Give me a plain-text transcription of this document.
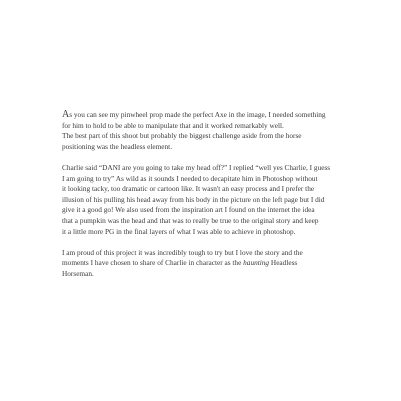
As you can see my pinwheel prop made the perfect Axe in the image, I needed something
for him to hold to be able to manipulate that and it worked remarkably well.
The best part of this shoot but probably the biggest challenge aside from the horse
positioning was the headless element.
Charlie said “DANI are you going to take my head off?” I replied “well yes Charlie, I guess
I am going to try” As wild as it sounds I needed to decapitate him in Photoshop without
it looking tacky, too dramatic or cartoon like. It wasn't an easy process and I prefer the
illusion of his pulling his head away from his body in the picture on the left page but I did
give it a good go! We also used from the inspiration art I found on the internet the idea
that a pumpkin was the head and that was to really be true to the original story and keep
it a little more PG in the final layers of what I was able to achieve in photoshop.
I am proud of this project it was incredibly tough to try but I love the story and the
moments I have chosen to share of Charlie in character as the haunting Headless
Horseman.
